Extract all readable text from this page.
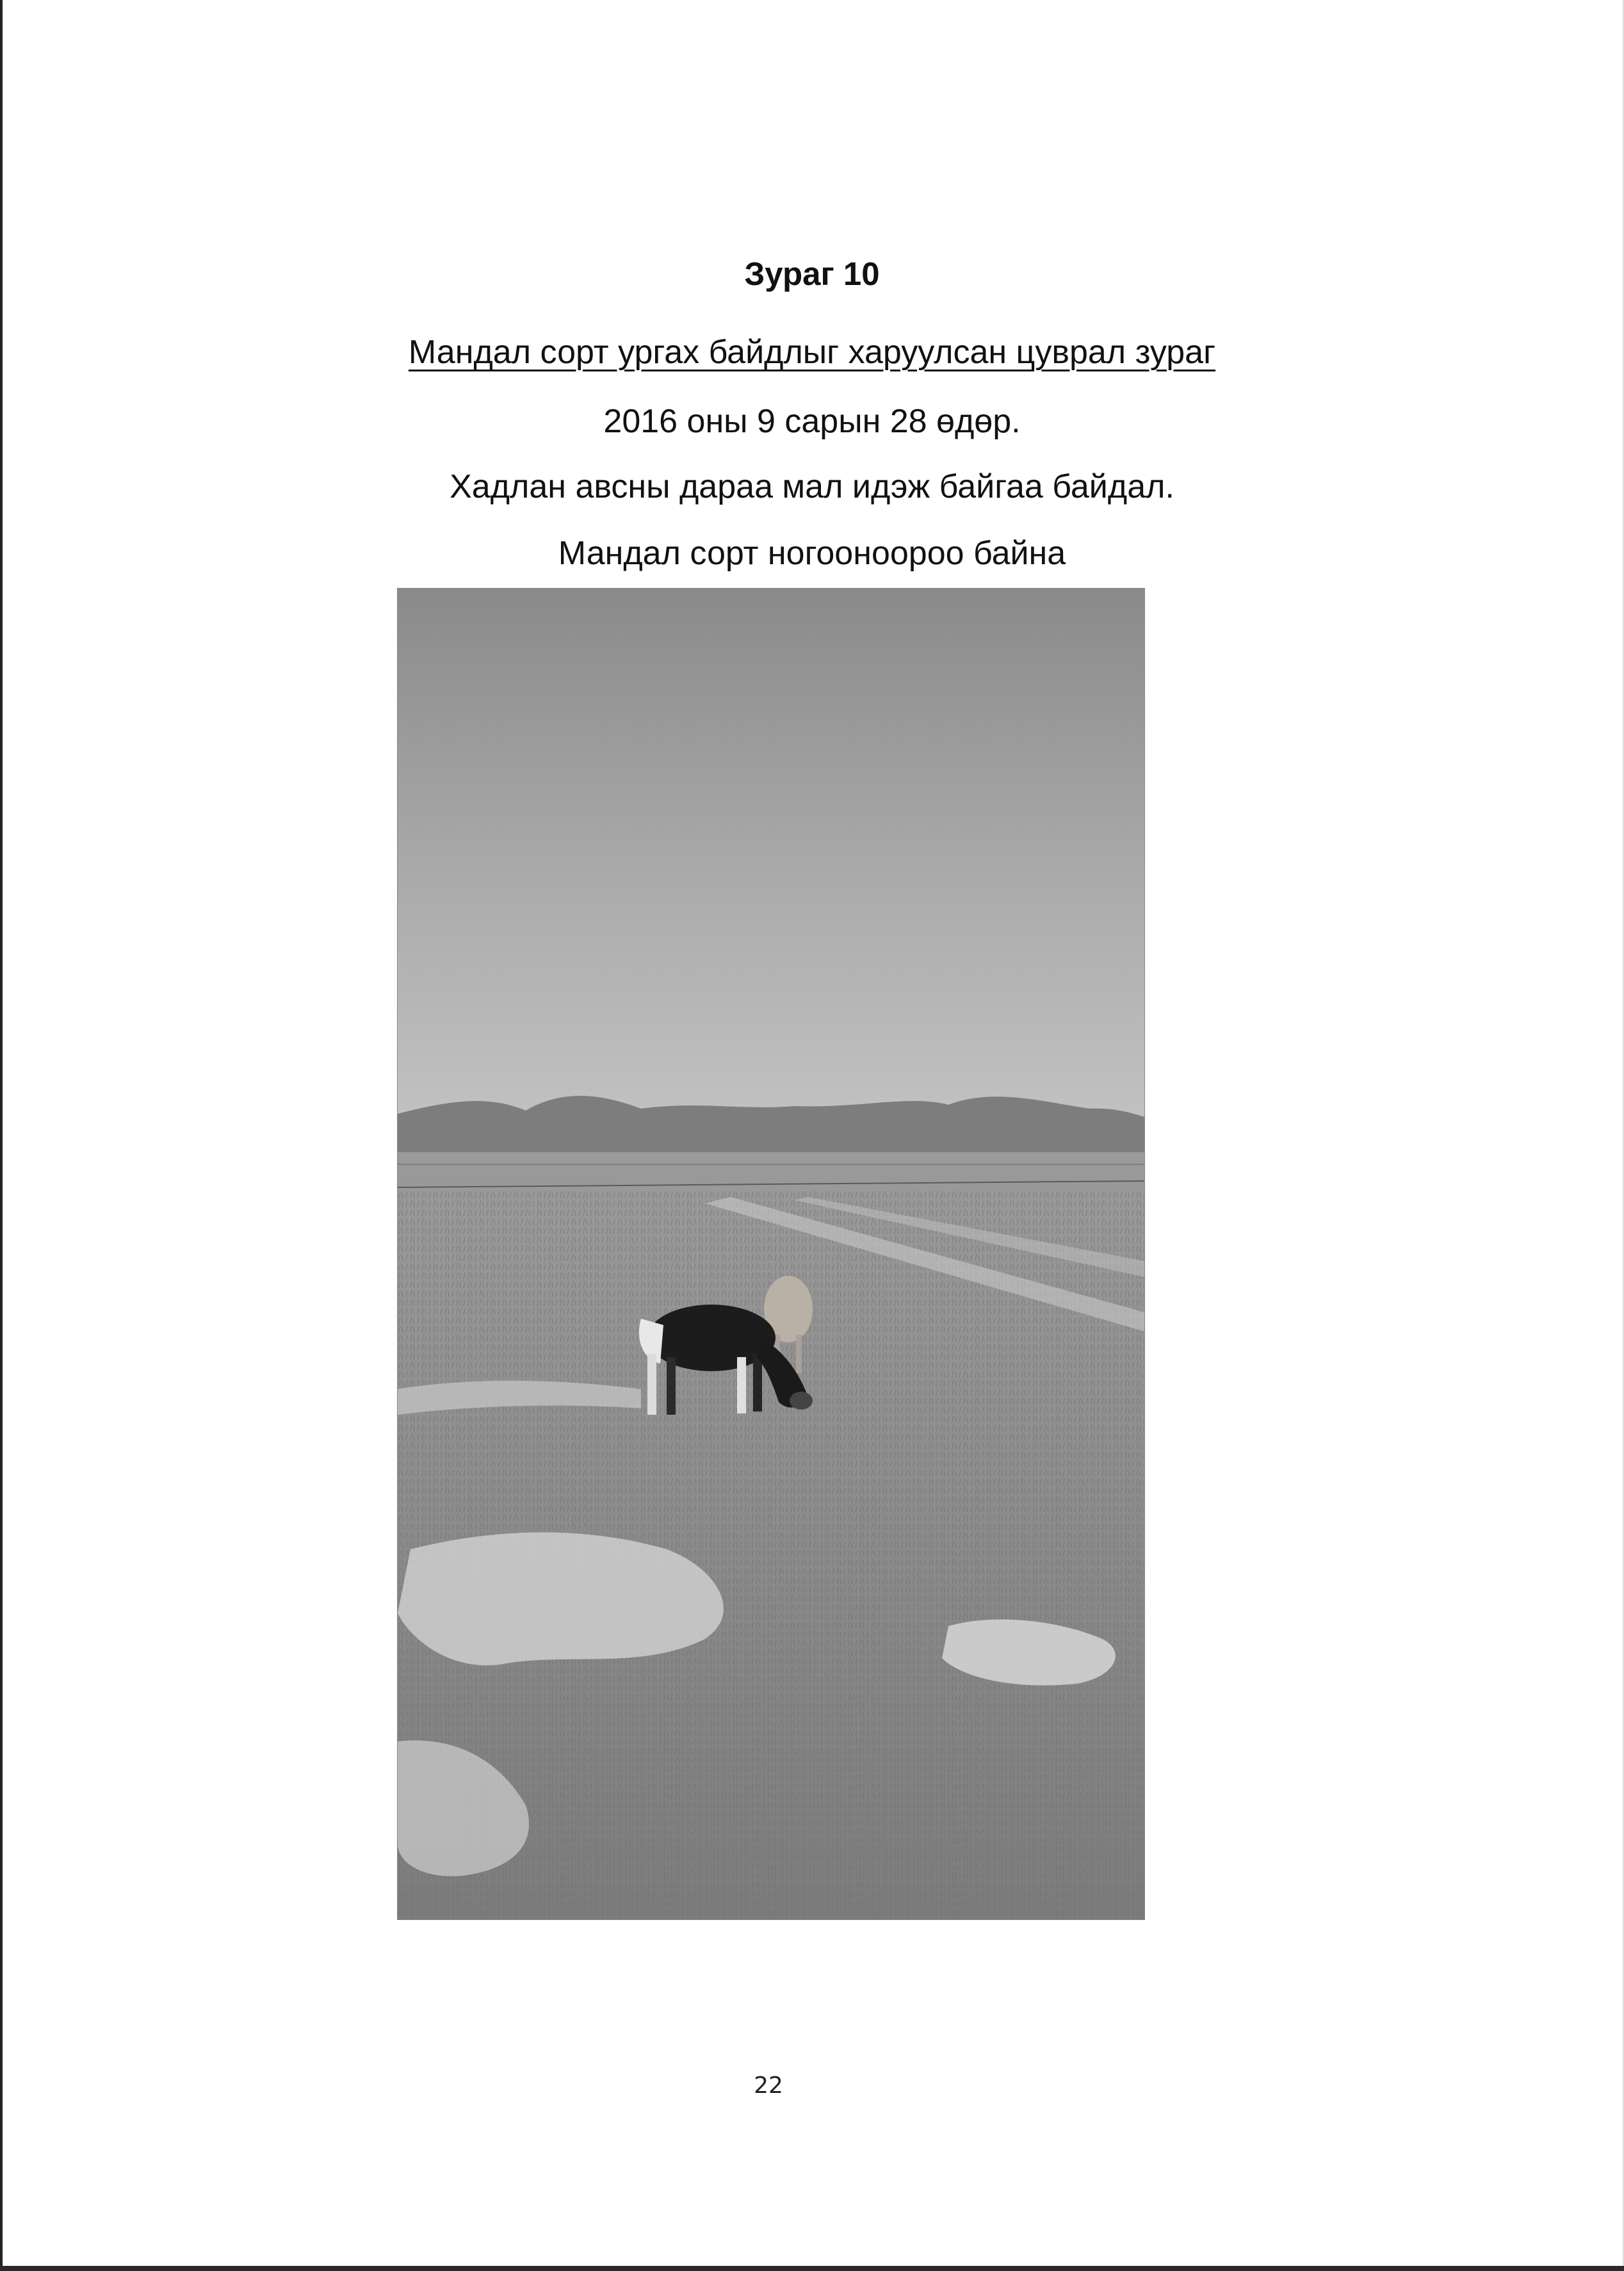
Зураг 10
Мандал сорт ургах байдлыг харуулсан цуврал зураг
2016 оны 9 сарын 28 өдөр.
Хадлан авсны дараа мал идэж байгаа байдал.
Мандал сорт ногооноороо байна
22
